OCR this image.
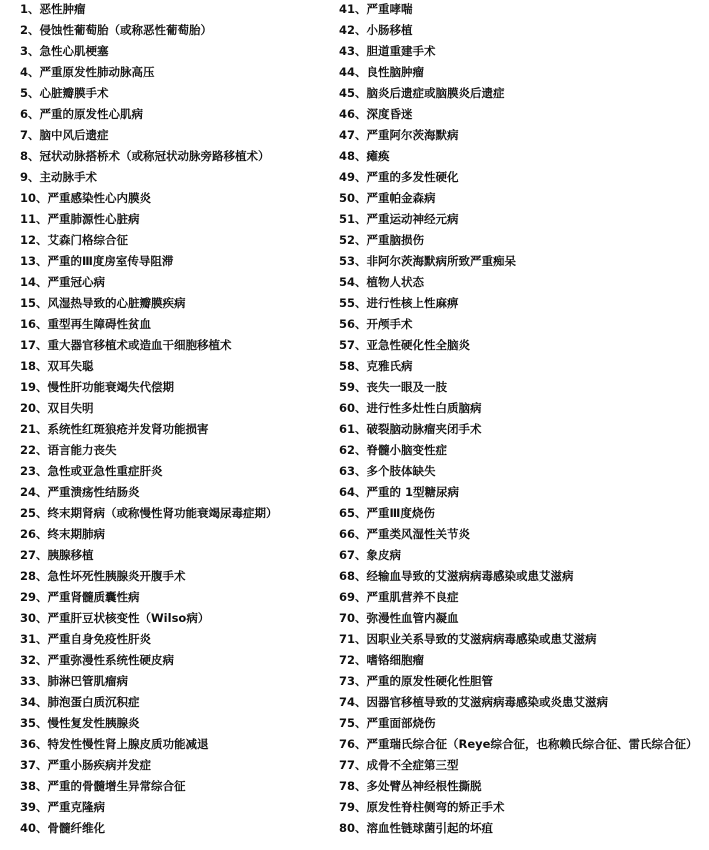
1、恶性肿瘤
2、侵蚀性葡萄胎（或称恶性葡萄胎）
3、急性心肌梗塞
4、严重原发性肺动脉高压
5、心脏瓣膜手术
6、严重的原发性心肌病
7、脑中风后遗症
8、冠状动脉搭桥术（或称冠状动脉旁路移植术）
9、主动脉手术
10、严重感染性心内膜炎
11、严重肺源性心脏病
12、艾森门格综合征
13、严重的Ⅲ度房室传导阻滞
14、严重冠心病
15、风湿热导致的心脏瓣膜疾病
16、重型再生障碍性贫血
17、重大器官移植术或造血干细胞移植术
18、双耳失聪
19、慢性肝功能衰竭失代偿期
20、双目失明
21、系统性红斑狼疮并发肾功能损害
22、语言能力丧失
23、急性或亚急性重症肝炎
24、严重溃疡性结肠炎
25、终末期肾病（或称慢性肾功能衰竭尿毒症期）
26、终末期肺病
27、胰腺移植
28、急性坏死性胰腺炎开腹手术
29、严重肾髓质囊性病
30、严重肝豆状核变性（Wilso病）
31、严重自身免疫性肝炎
32、严重弥漫性系统性硬皮病
33、肺淋巴管肌瘤病
34、肺泡蛋白质沉积症
35、慢性复发性胰腺炎
36、特发性慢性肾上腺皮质功能减退
37、严重小肠疾病并发症
38、严重的骨髓增生异常综合征
39、严重克隆病
40、骨髓纤维化
41、严重哮喘
42、小肠移植
43、胆道重建手术
44、良性脑肿瘤
45、脑炎后遗症或脑膜炎后遗症
46、深度昏迷
47、严重阿尔茨海默病
48、瘫痪
49、严重的多发性硬化
50、严重帕金森病
51、严重运动神经元病
52、严重脑损伤
53、非阿尔茨海默病所致严重痴呆
54、植物人状态
55、进行性核上性麻痹
56、开颅手术
57、亚急性硬化性全脑炎
58、克雅氏病
59、丧失一眼及一肢
60、进行性多灶性白质脑病
61、破裂脑动脉瘤夹闭手术
62、脊髓小脑变性症
63、多个肢体缺失
64、严重的 1型糖尿病
65、严重Ⅲ度烧伤
66、严重类风湿性关节炎
67、象皮病
68、经输血导致的艾滋病病毒感染或患艾滋病
69、严重肌营养不良症
70、弥漫性血管内凝血
71、因职业关系导致的艾滋病病毒感染或患艾滋病
72、嗜铬细胞瘤
73、严重的原发性硬化性胆管
74、因器官移植导致的艾滋病病毒感染或炎患艾滋病
75、严重面部烧伤
76、严重瑞氏综合征（Reye综合征，也称赖氏综合征、雷氏综合征）
77、成骨不全症第三型
78、多处臂丛神经根性撕脱
79、原发性脊柱侧弯的矫正手术
80、溶血性链球菌引起的坏疽
